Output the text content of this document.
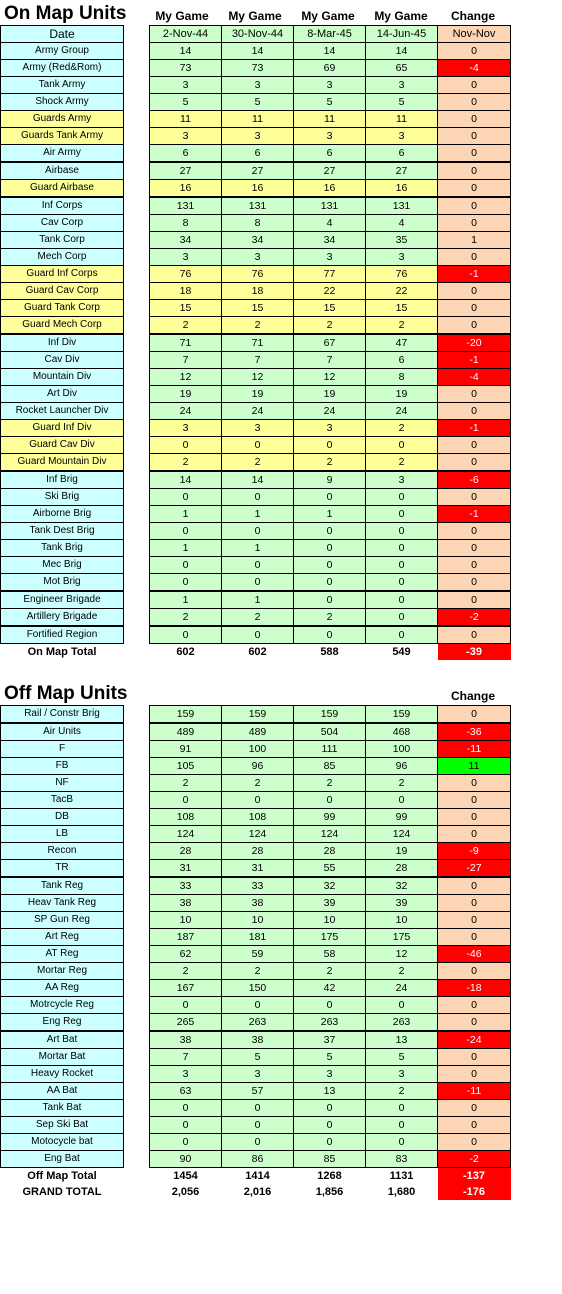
On Map Units	My Game	My Game	My Game	My Game	Change
Date		2-Nov-44	30-Nov-44	8-Mar-45	14-Jun-45	Nov-Nov
Army Group		14	14	14	14	0
Army (Red&Rom)		73	73	69	65	-4
Tank Army		3	3	3	3	0
Shock Army		5	5	5	5	0
Guards Army		11	11	11	11	0
Guards Tank Army		3	3	3	3	0
Air Army		6	6	6	6	0
Airbase		27	27	27	27	0
Guard Airbase		16	16	16	16	0
Inf Corps		131	131	131	131	0
Cav Corp		8	8	4	4	0
Tank Corp		34	34	34	35	1
Mech Corp		3	3	3	3	0
Guard Inf Corps		76	76	77	76	-1
Guard Cav Corp		18	18	22	22	0
Guard Tank Corp		15	15	15	15	0
Guard Mech Corp		2	2	2	2	0
Inf Div		71	71	67	47	-20
Cav Div		7	7	7	6	-1
Mountain Div		12	12	12	8	-4
Art Div		19	19	19	19	0
Rocket Launcher Div		24	24	24	24	0
Guard Inf Div		3	3	3	2	-1
Guard Cav Div		0	0	0	0	0
Guard Mountain Div		2	2	2	2	0
Inf Brig		14	14	9	3	-6
Ski Brig		0	0	0	0	0
Airborne Brig		1	1	1	0	-1
Tank Dest Brig		0	0	0	0	0
Tank Brig		1	1	0	0	0
Mec Brig		0	0	0	0	0
Mot Brig		0	0	0	0	0
Engineer Brigade		1	1	0	0	0
Artillery Brigade		2	2	2	0	-2
Fortified Region		0	0	0	0	0
On Map Total		602	602	588	549	-39
Off Map Units	Change
Rail / Constr Brig		159	159	159	159	0
Air Units		489	489	504	468	-36
F		91	100	111	100	-11
FB		105	96	85	96	11
NF		2	2	2	2	0
TacB		0	0	0	0	0
DB		108	108	99	99	0
LB		124	124	124	124	0
Recon		28	28	28	19	-9
TR		31	31	55	28	-27
Tank Reg		33	33	32	32	0
Heav Tank Reg		38	38	39	39	0
SP Gun Reg		10	10	10	10	0
Art Reg		187	181	175	175	0
AT Reg		62	59	58	12	-46
Mortar Reg		2	2	2	2	0
AA Reg		167	150	42	24	-18
Motrcycle Reg		0	0	0	0	0
Eng Reg		265	263	263	263	0
Art Bat		38	38	37	13	-24
Mortar Bat		7	5	5	5	0
Heavy Rocket		3	3	3	3	0
AA Bat		63	57	13	2	-11
Tank Bat		0	0	0	0	0
Sep Ski Bat		0	0	0	0	0
Motocycle bat		0	0	0	0	0
Eng Bat		90	86	85	83	-2
Off Map Total		1454	1414	1268	1131	-137
GRAND TOTAL		2,056	2,016	1,856	1,680	-176
